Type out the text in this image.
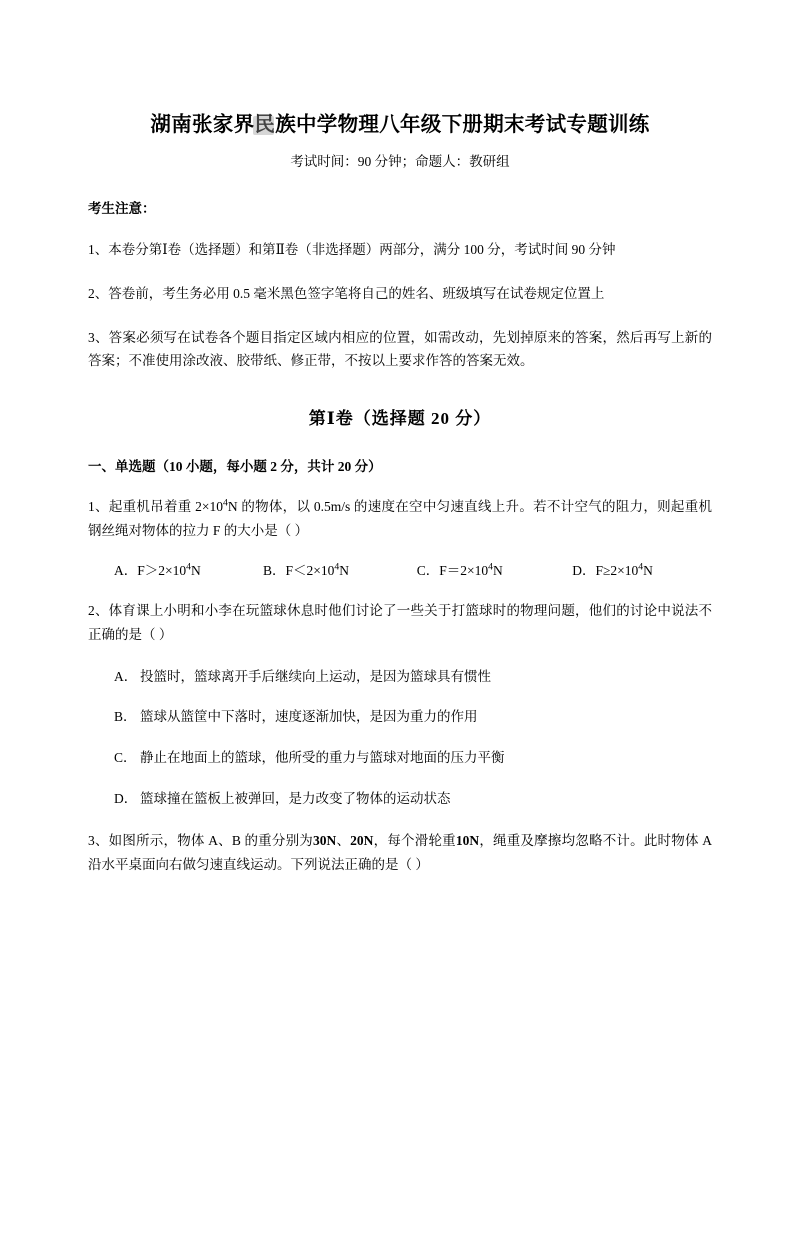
湖南张家界民族中学物理八年级下册期末考试专题训练
考试时间：90 分钟；命题人：教研组
考生注意：
1、本卷分第Ⅰ卷（选择题）和第Ⅱ卷（非选择题）两部分，满分 100 分，考试时间 90 分钟
2、答卷前，考生务必用 0.5 毫米黑色签字笔将自己的姓名、班级填写在试卷规定位置上
3、答案必须写在试卷各个题目指定区域内相应的位置，如需改动，先划掉原来的答案，然后再写上新的答案；不准使用涂改液、胶带纸、修正带，不按以上要求作答的答案无效。
第Ⅰ卷（选择题 20 分）
一、单选题（10 小题，每小题 2 分，共计 20 分）
1、起重机吊着重 $2\times 10^4N$ 的物体，以 0.5m/s 的速度在空中匀速直线上升。若不计空气的阻力，则起重机钢丝绳对物体的拉力 F 的大小是（ ）
A．$F>2\times 10^4N$	B．$F<2\times 10^4N$	C．$F=2\times 10^4N$	D．$F\ge 2\times 10^4N$
2、体育课上小明和小李在玩篮球休息时他们讨论了一些关于打篮球时的物理问题，他们的讨论中说法不正确的是（ ）
A． 投篮时，篮球离开手后继续向上运动，是因为篮球具有惯性
B． 篮球从篮筐中下落时，速度逐渐加快，是因为重力的作用
C． 静止在地面上的篮球，他所受的重力与篮球对地面的压力平衡
D． 篮球撞在篮板上被弹回，是力改变了物体的运动状态
3、如图所示，物体 A、B 的重分别为30N、20N，每个滑轮重10N，绳重及摩擦均忽略不计。此时物体 A 沿水平桌面向右做匀速直线运动。下列说法正确的是（ ）
